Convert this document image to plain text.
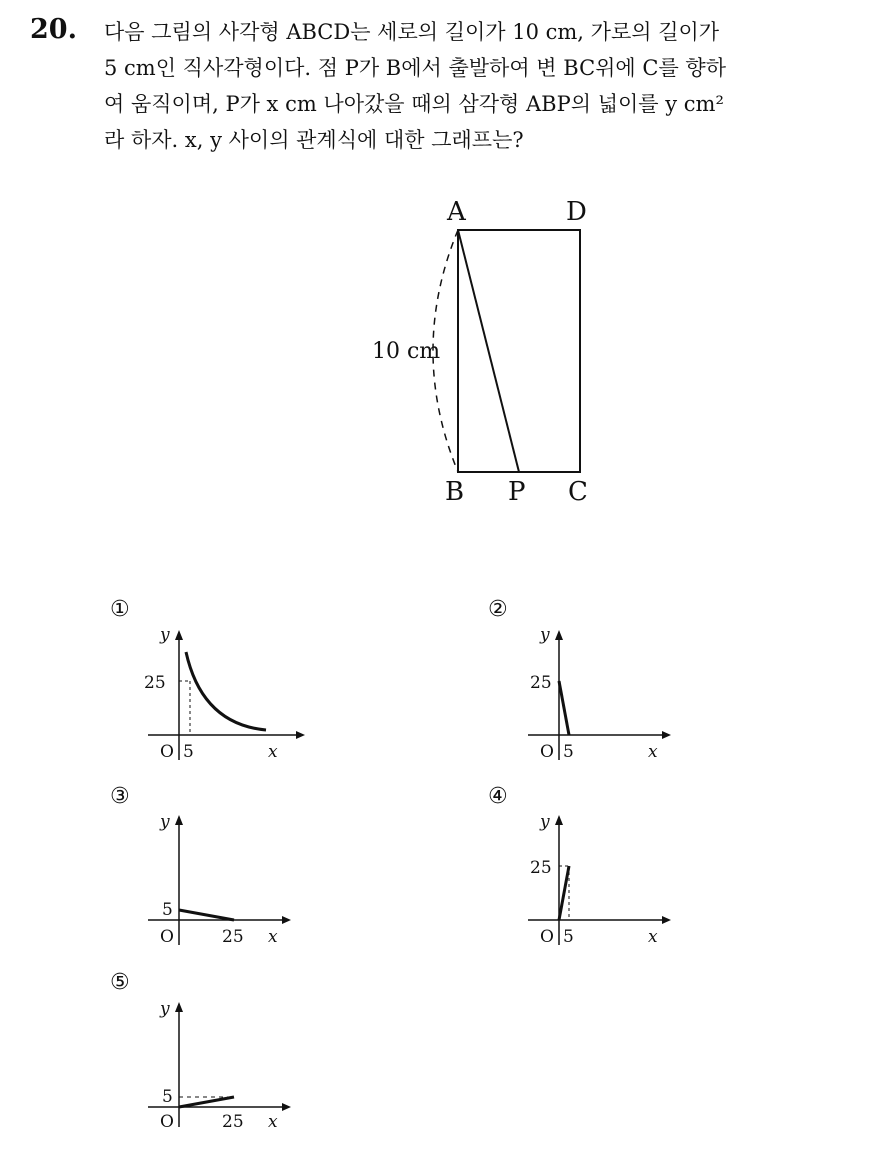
20. 다음 그림의 사각형 ABCD는 세로의 길이가 10 cm, 가로의 길이가
5 cm인 직사각형이다. 점 P가 B에서 출발하여 변 BC위에 C를 향하
여 움직이며, P가 x cm 나아갔을 때의 삼각형 ABP의 넓이를 y cm²
라 하자. x, y 사이의 관계식에 대한 그래프는?
A	D
B P C
10 cm
①
y
25
O 5	x
②
y
25
O 5	x
③
y
5
O	25 x
④
y
25
O 5	x
⑤
y
5
O	25 x
